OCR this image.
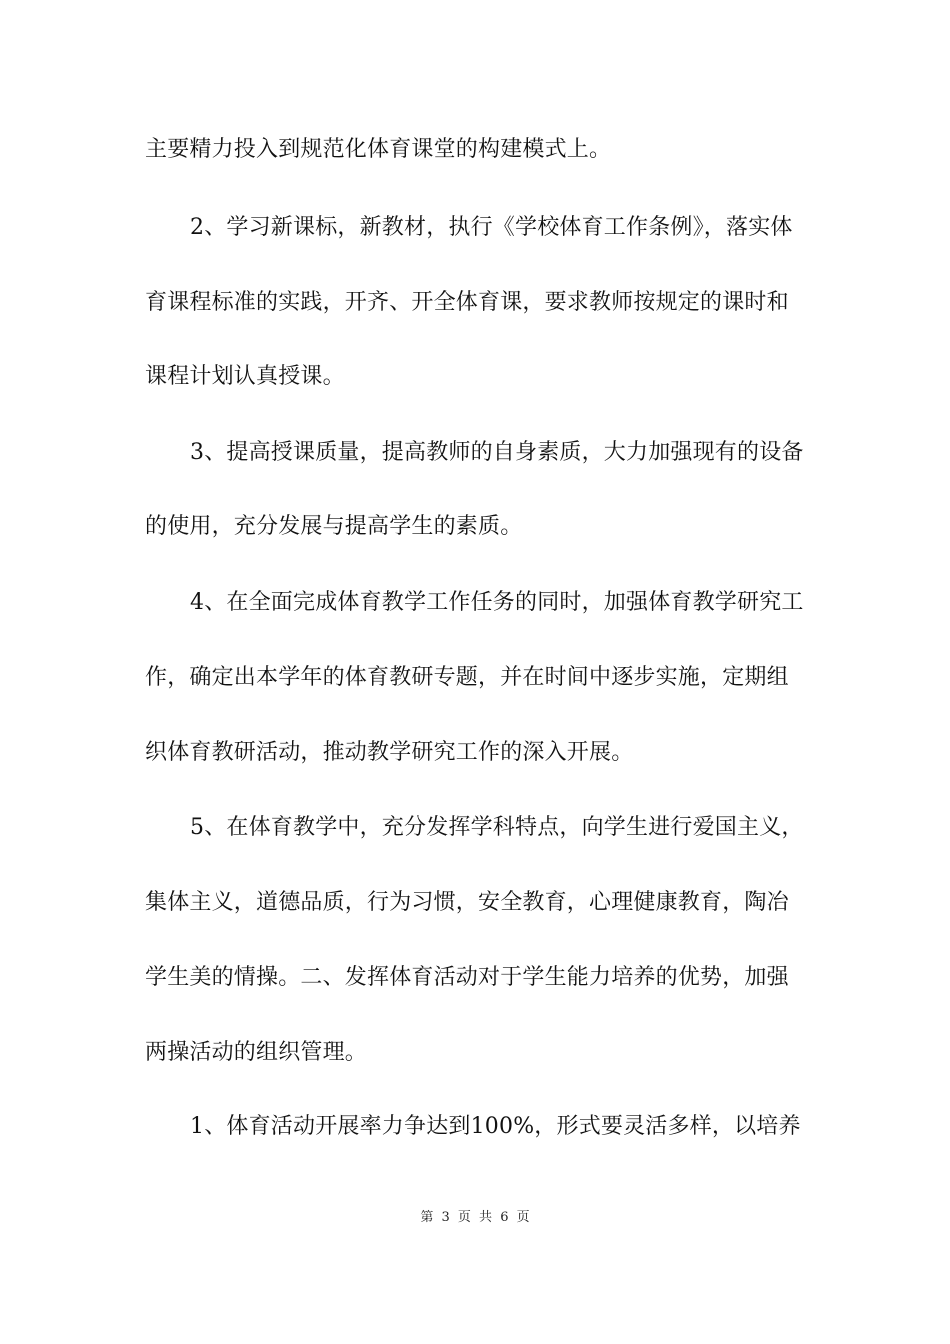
主要精力投入到规范化体育课堂的构建模式上。
2、学习新课标，新教材，执行《学校体育工作条例》，落实体
育课程标准的实践，开齐、开全体育课，要求教师按规定的课时和
课程计划认真授课。
3、提高授课质量，提高教师的自身素质，大力加强现有的设备
的使用，充分发展与提高学生的素质。
4、在全面完成体育教学工作任务的同时，加强体育教学研究工
作，确定出本学年的体育教研专题，并在时间中逐步实施，定期组
织体育教研活动，推动教学研究工作的深入开展。
5、在体育教学中，充分发挥学科特点，向学生进行爱国主义，
集体主义，道德品质，行为习惯，安全教育，心理健康教育，陶冶
学生美的情操。二、发挥体育活动对于学生能力培养的优势，加强
两操活动的组织管理。
1、体育活动开展率力争达到100%，形式要灵活多样，以培养
第 3 页 共 6 页
